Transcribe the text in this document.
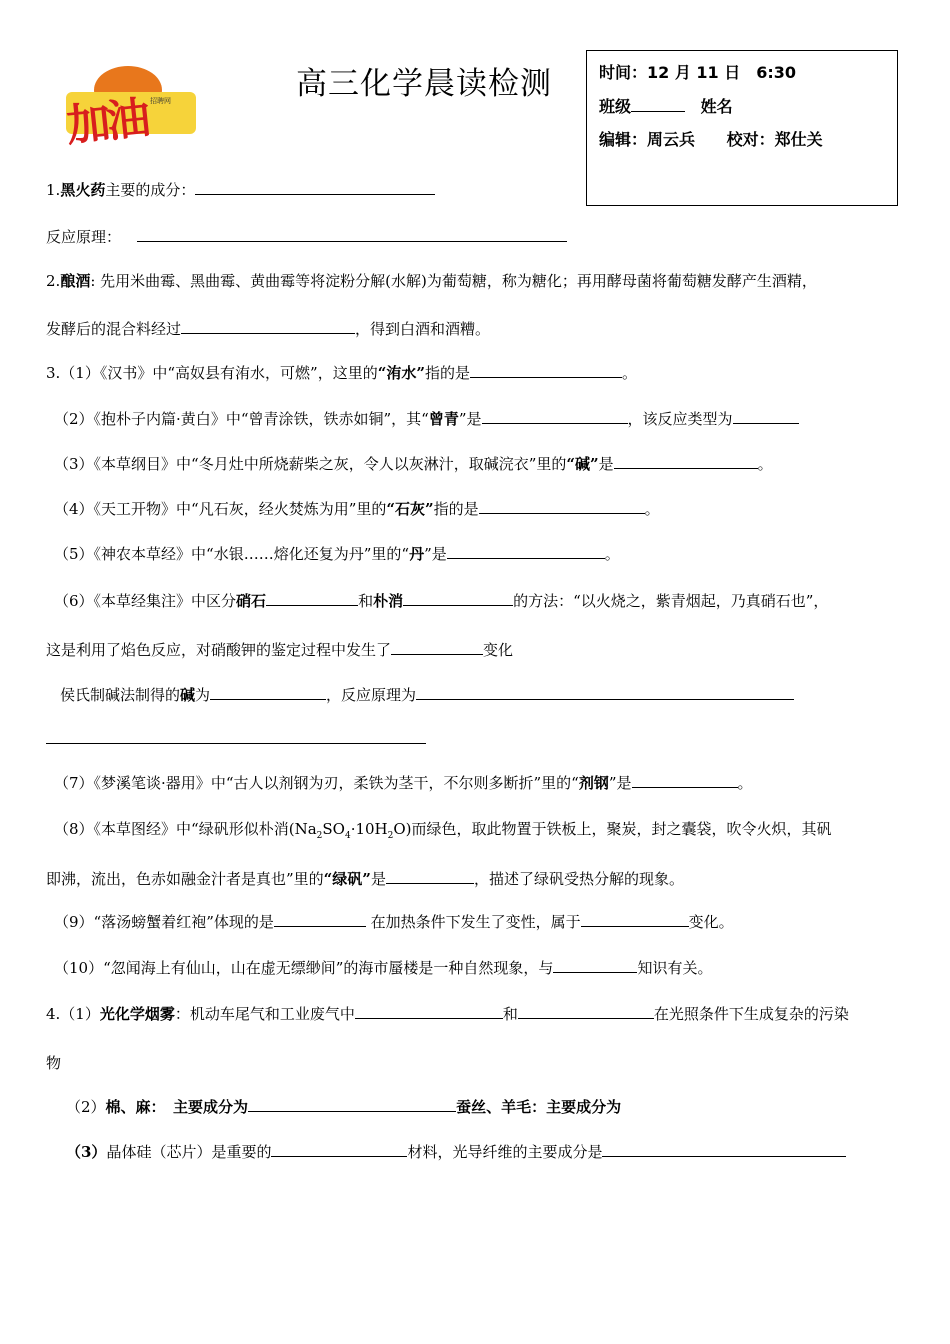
加油 招聘网	高三化学晨读检测	时间：12 月 11 日　6:30
班级	姓名
编辑：周云兵 校对：郑仕关
1.黑火药主要的成分：
反应原理：
2.酿酒: 先用米曲霉、黑曲霉、黄曲霉等将淀粉分解(水解)为葡萄糖，称为糖化；再用酵母菌将葡萄糖发酵产生酒精，
发酵后的混合料经过	，得到白酒和酒糟。
3.（1）《汉书》中“高奴县有洧水，可燃”，这里的“洧水”指的是	。
（2）《抱朴子内篇·黄白》中“曾青涂铁，铁赤如铜”，其“曾青”是	，该反应类型为
（3）《本草纲目》中“冬月灶中所烧薪柴之灰，令人以灰淋汁，取碱浣衣”里的“碱”是	。
（4）《天工开物》中“凡石灰，经火焚炼为用”里的“石灰”指的是	。
（5）《神农本草经》中“水银……熔化还复为丹”里的“丹”是	。
（6）《本草经集注》中区分硝石	和朴消	的方法：“以火烧之，紫青烟起，乃真硝石也”，
这是利用了焰色反应，对硝酸钾的鉴定过程中发生了	变化
侯氏制碱法制得的碱为	，反应原理为
（7）《梦溪笔谈·器用》中“古人以剂钢为刃，柔铁为茎干，不尔则多断折”里的“剂钢”是	。
（8）《本草图经》中“绿矾形似朴消$(Na_2SO_4\cdot 10H_2O)$而绿色，取此物置于铁板上，聚炭，封之囊袋，吹令火炽，其矾
即沸，流出，色赤如融金汁者是真也”里的“绿矾”是	，描述了绿矾受热分解的现象。
（9）“落汤螃蟹着红袍”体现的是	在加热条件下发生了变性，属于	变化。
（10）“忽闻海上有仙山，山在虚无缥缈间”的海市蜃楼是一种自然现象，与	知识有关。
4.（1）光化学烟雾：机动车尾气和工业废气中	和	在光照条件下生成复杂的污染
物
（2）棉、麻：　主要成分为	蚕丝、羊毛：主要成分为
（3）晶体硅（芯片）是重要的	材料，光导纤维的主要成分是
